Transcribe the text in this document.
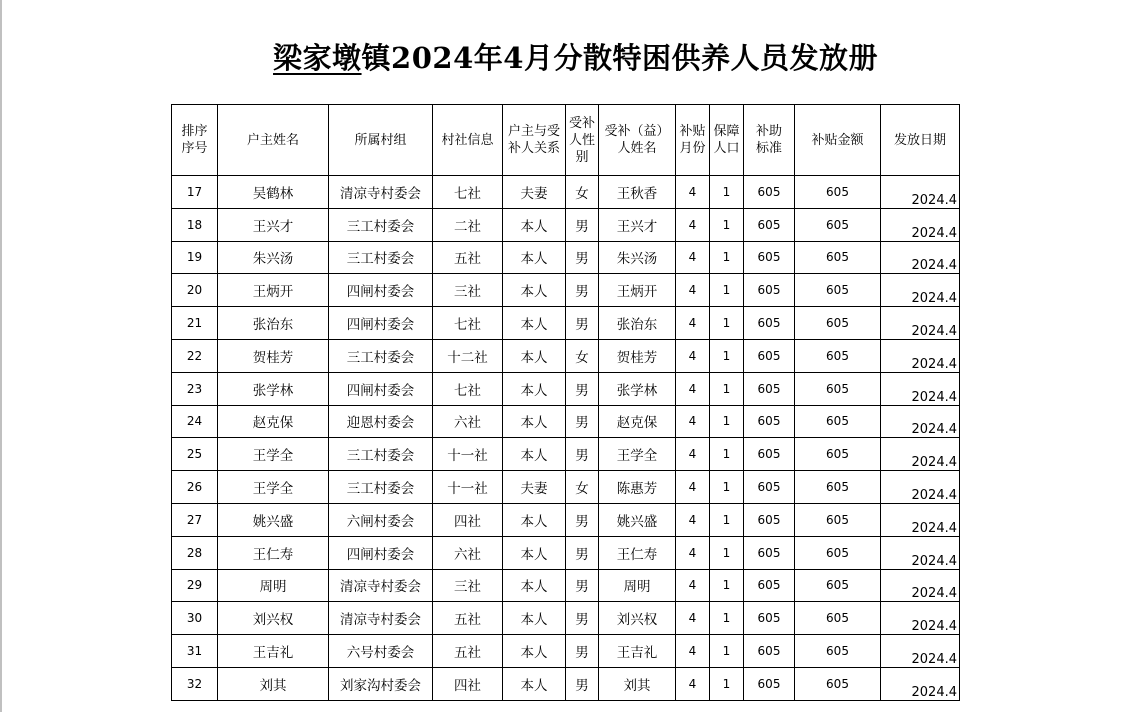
梁家墩镇2024年4月分散特困供养人员发放册
排序序号	户主姓名	所属村组	村社信息	户主与受补人关系	受补人性别	受补（益）人姓名	补贴月份	保障人口	补助标准	补贴金额	发放日期
17	吴鹤林	清凉寺村委会	七社	夫妻	女	王秋香	4	1	605	605	2024.4
18	王兴才	三工村委会	二社	本人	男	王兴才	4	1	605	605	2024.4
19	朱兴汤	三工村委会	五社	本人	男	朱兴汤	4	1	605	605	2024.4
20	王炳开	四闸村委会	三社	本人	男	王炳开	4	1	605	605	2024.4
21	张治东	四闸村委会	七社	本人	男	张治东	4	1	605	605	2024.4
22	贺桂芳	三工村委会	十二社	本人	女	贺桂芳	4	1	605	605	2024.4
23	张学林	四闸村委会	七社	本人	男	张学林	4	1	605	605	2024.4
24	赵克保	迎恩村委会	六社	本人	男	赵克保	4	1	605	605	2024.4
25	王学全	三工村委会	十一社	本人	男	王学全	4	1	605	605	2024.4
26	王学全	三工村委会	十一社	夫妻	女	陈惠芳	4	1	605	605	2024.4
27	姚兴盛	六闸村委会	四社	本人	男	姚兴盛	4	1	605	605	2024.4
28	王仁寿	四闸村委会	六社	本人	男	王仁寿	4	1	605	605	2024.4
29	周明	清凉寺村委会	三社	本人	男	周明	4	1	605	605	2024.4
30	刘兴权	清凉寺村委会	五社	本人	男	刘兴权	4	1	605	605	2024.4
31	王吉礼	六号村委会	五社	本人	男	王吉礼	4	1	605	605	2024.4
32	刘其	刘家沟村委会	四社	本人	男	刘其	4	1	605	605	2024.4
